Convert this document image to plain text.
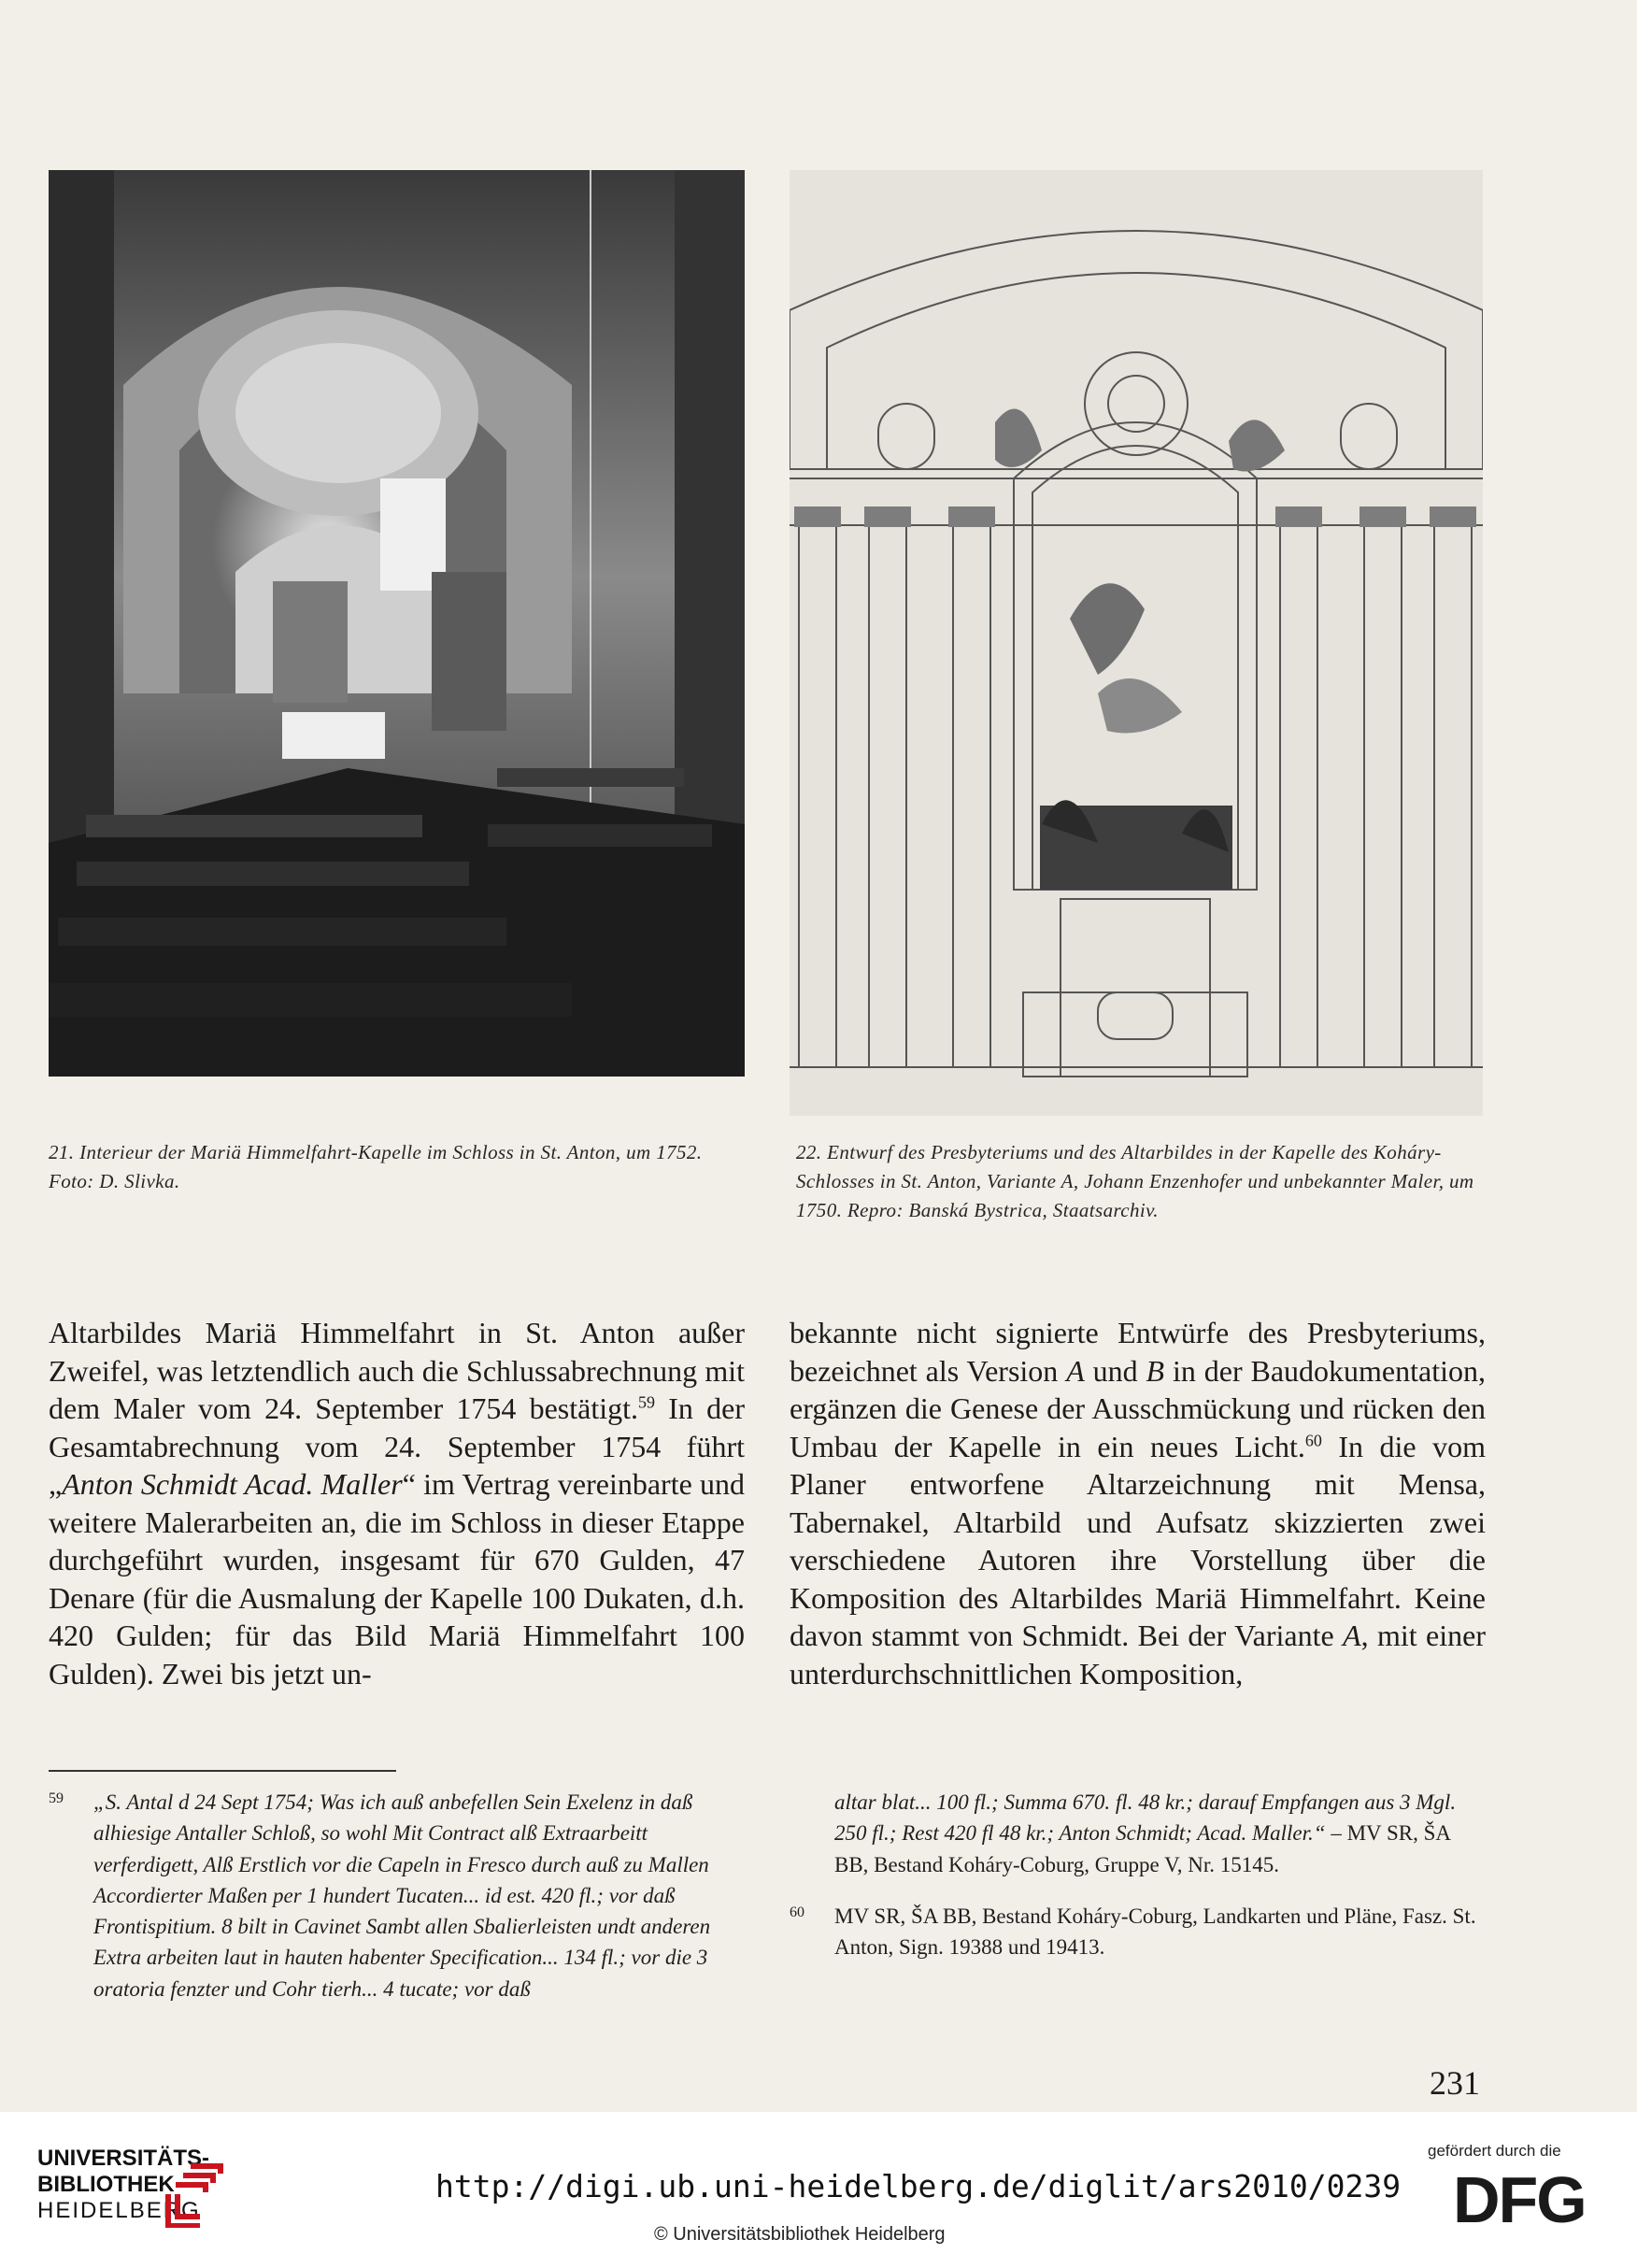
21. Interieur der Mariä Himmelfahrt-Kapelle im Schloss in St. Anton, um 1752. Foto: D. Slivka.
22. Entwurf des Presbyteriums und des Altarbildes in der Kapelle des Koháry-Schlosses in St. Anton, Variante A, Johann Enzenhofer und unbekannter Maler, um 1750. Repro: Banská Bystrica, Staatsarchiv.

Altarbildes Mariä Himmelfahrt in St. Anton außer Zweifel, was letztendlich auch die Schlussabrechnung mit dem Maler vom 24. September 1754 bestätigt.$^{59}$ In der Gesamtabrechnung vom 24. September 1754 führt „Anton Schmidt Acad. Maller“ im Vertrag vereinbarte und weitere Malerarbeiten an, die im Schloss in dieser Etappe durchgeführt wurden, insgesamt für 670 Gulden, 47 Denare (für die Ausmalung der Kapelle 100 Dukaten, d.h. 420 Gulden; für das Bild Mariä Himmelfahrt 100 Gulden). Zwei bis jetzt un-

bekannte nicht signierte Entwürfe des Presbyteriums, bezeichnet als Version A und B in der Baudokumentation, ergänzen die Genese der Ausschmückung und rücken den Umbau der Kapelle in ein neues Licht.$^{60}$ In die vom Planer entworfene Altarzeichnung mit Mensa, Tabernakel, Altarbild und Aufsatz skizzierten zwei verschiedene Autoren ihre Vorstellung über die Komposition des Altarbildes Mariä Himmelfahrt. Keine davon stammt von Schmidt. Bei der Variante A, mit einer unterdurchschnittlichen Komposition,

59 „S. Antal d 24 Sept 1754; Was ich auß anbefellen Sein Exelenz in daß alhiesige Antaller Schloß, so wohl Mit Contract alß Extraarbeitt verferdigett, Alß Erstlich vor die Capeln in Fresco durch auß zu Mallen Accordierter Maßen per 1 hundert Tucaten... id est. 420 fl.; vor daß Frontispitium. 8 bilt in Cavinet Sambt allen Sbalierleisten undt anderen Extra arbeiten laut in hauten habenter Specification... 134 fl.; vor die 3 oratoria fenzter und Cohr tierh... 4 tucate; vor daß

altar blat... 100 fl.; Summa 670. fl. 48 kr.; darauf Empfangen aus 3 Mgl. 250 fl.; Rest 420 fl 48 kr.; Anton Schmidt; Acad. Maller.“ – MV SR, ŠA BB, Bestand Koháry-Coburg, Gruppe V, Nr. 15145.

60 MV SR, ŠA BB, Bestand Koháry-Coburg, Landkarten und Pläne, Fasz. St. Anton, Sign. 19388 und 19413.

231
UNIVERSITÄTS-
BIBLIOTHEK
HEIDELBERG
http://digi.ub.uni-heidelberg.de/diglit/ars2010/0239
© Universitätsbibliothek Heidelberg
gefördert durch die
DFG
